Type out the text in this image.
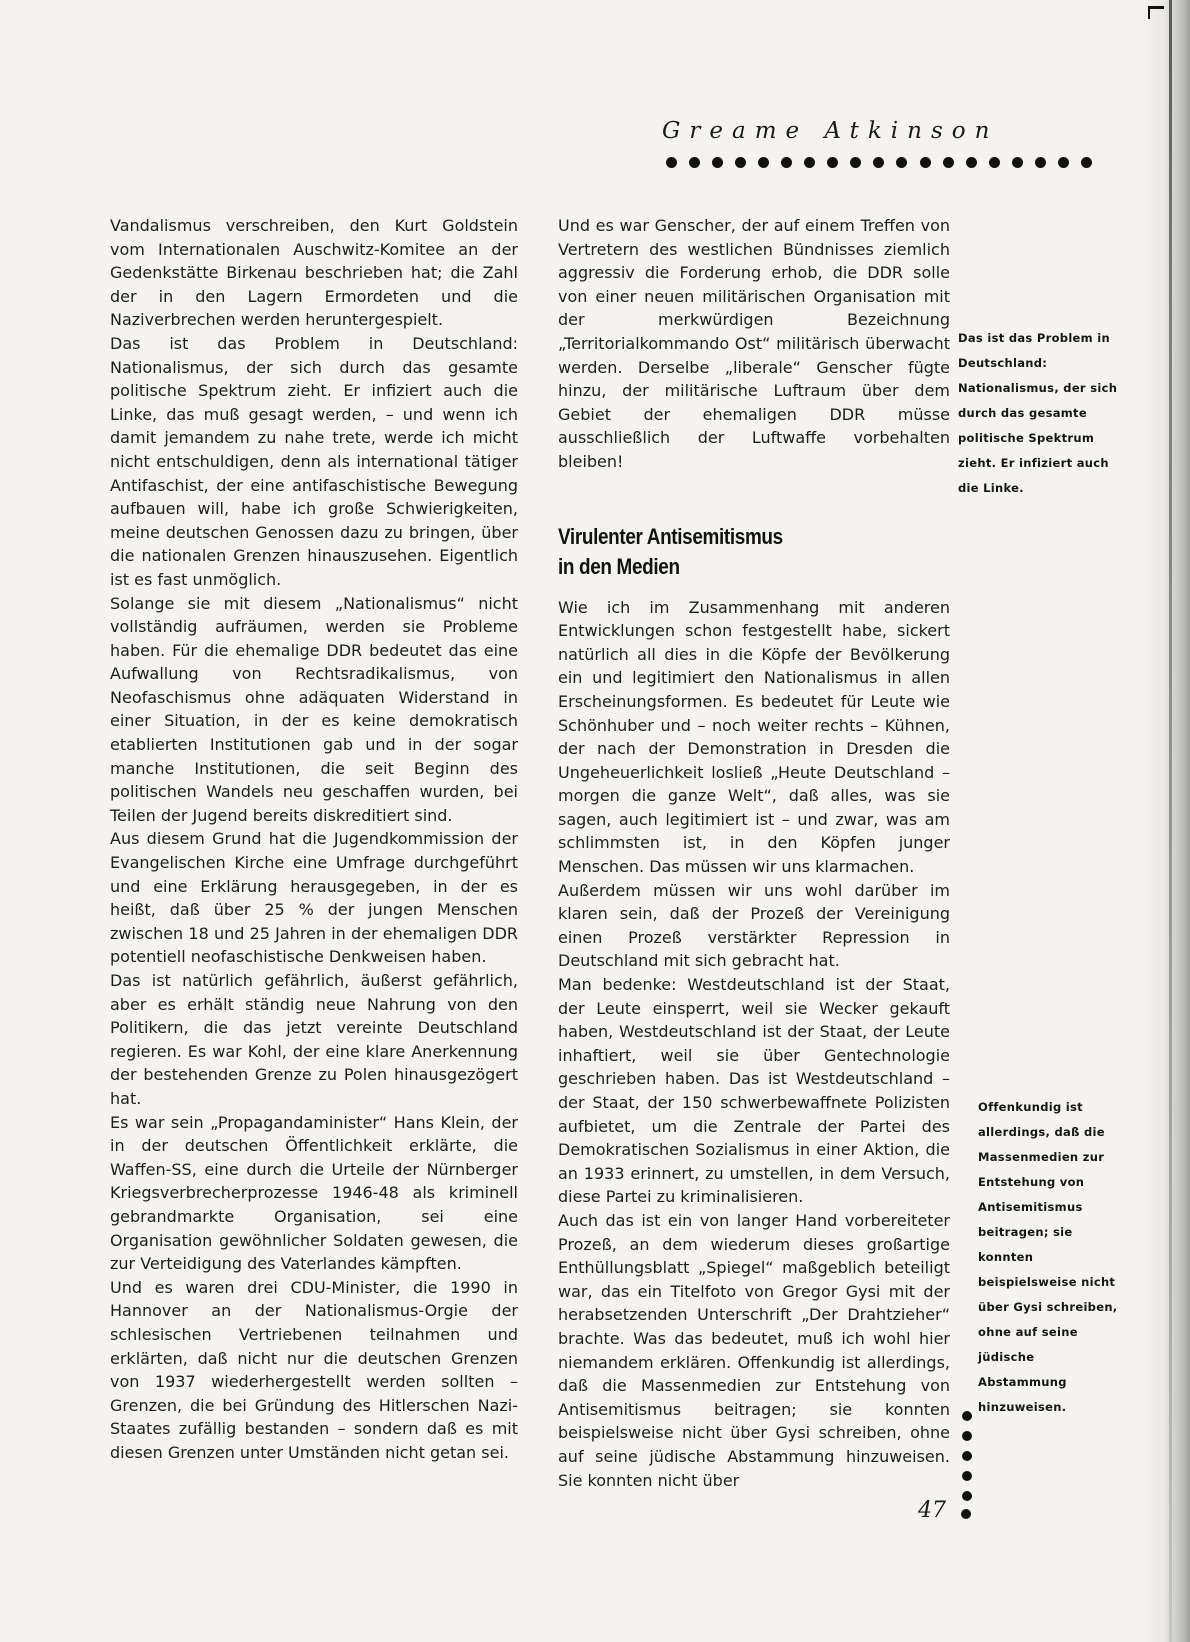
Greame Atkinson

Vandalismus verschreiben, den Kurt Goldstein vom Internationalen Auschwitz-Komitee an der Gedenkstätte Birkenau beschrieben hat; die Zahl der in den Lagern Ermordeten und die Naziverbrechen werden heruntergespielt.

Das ist das Problem in Deutschland: Nationalismus, der sich durch das gesamte politische Spektrum zieht. Er infiziert auch die Linke, das muß gesagt werden, – und wenn ich damit jemandem zu nahe trete, werde ich micht nicht entschuldigen, denn als international tätiger Antifaschist, der eine antifaschistische Bewegung aufbauen will, habe ich große Schwierigkeiten, meine deutschen Genossen dazu zu bringen, über die nationalen Grenzen hinauszusehen. Eigentlich ist es fast unmöglich.

Solange sie mit diesem „Nationalismus“ nicht vollständig aufräumen, werden sie Probleme haben. Für die ehemalige DDR bedeutet das eine Aufwallung von Rechtsradikalismus, von Neofaschismus ohne adäquaten Widerstand in einer Situation, in der es keine demokratisch etablierten Institutionen gab und in der sogar manche Institutionen, die seit Beginn des politischen Wandels neu geschaffen wurden, bei Teilen der Jugend bereits diskreditiert sind.

Aus diesem Grund hat die Jugendkommission der Evangelischen Kirche eine Umfrage durchgeführt und eine Erklärung herausgegeben, in der es heißt, daß über 25 % der jungen Menschen zwischen 18 und 25 Jahren in der ehemaligen DDR potentiell neofaschistische Denkweisen haben.

Das ist natürlich gefährlich, äußerst gefährlich, aber es erhält ständig neue Nahrung von den Politikern, die das jetzt vereinte Deutschland regieren. Es war Kohl, der eine klare Anerkennung der bestehenden Grenze zu Polen hinausgezögert hat.

Es war sein „Propagandaminister“ Hans Klein, der in der deutschen Öffentlichkeit erklärte, die Waffen-SS, eine durch die Urteile der Nürnberger Kriegsverbrecherprozesse 1946-48 als kriminell gebrandmarkte Organisation, sei eine Organisation gewöhnlicher Soldaten gewesen, die zur Verteidigung des Vaterlandes kämpften.

Und es waren drei CDU-Minister, die 1990 in Hannover an der Nationalismus-Orgie der schlesischen Vertriebenen teilnahmen und erklärten, daß nicht nur die deutschen Grenzen von 1937 wiederhergestellt werden sollten – Grenzen, die bei Gründung des Hitlerschen Nazi-Staates zufällig bestanden – sondern daß es mit diesen Grenzen unter Umständen nicht getan sei.

Und es war Genscher, der auf einem Treffen von Vertretern des westlichen Bündnisses ziemlich aggressiv die Forderung erhob, die DDR solle von einer neuen militärischen Organisation mit der merkwürdigen Bezeichnung „Territorialkommando Ost“ militärisch überwacht werden. Derselbe „liberale“ Genscher fügte hinzu, der militärische Luftraum über dem Gebiet der ehemaligen DDR müsse ausschließlich der Luftwaffe vorbehalten bleiben!

Virulenter Antisemitismus
in den Medien

Wie ich im Zusammenhang mit anderen Entwicklungen schon festgestellt habe, sickert natürlich all dies in die Köpfe der Bevölkerung ein und legitimiert den Nationalismus in allen Erscheinungsformen. Es bedeutet für Leute wie Schönhuber und – noch weiter rechts – Kühnen, der nach der Demonstration in Dresden die Ungeheuerlichkeit losließ „Heute Deutschland – morgen die ganze Welt“, daß alles, was sie sagen, auch legitimiert ist – und zwar, was am schlimmsten ist, in den Köpfen junger Menschen. Das müssen wir uns klarmachen.

Außerdem müssen wir uns wohl darüber im klaren sein, daß der Prozeß der Vereinigung einen Prozeß verstärkter Repression in Deutschland mit sich gebracht hat.

Man bedenke: Westdeutschland ist der Staat, der Leute einsperrt, weil sie Wecker gekauft haben, Westdeutschland ist der Staat, der Leute inhaftiert, weil sie über Gentechnologie geschrieben haben. Das ist Westdeutschland – der Staat, der 150 schwerbewaffnete Polizisten aufbietet, um die Zentrale der Partei des Demokratischen Sozialismus in einer Aktion, die an 1933 erinnert, zu umstellen, in dem Versuch, diese Partei zu kriminalisieren.

Auch das ist ein von langer Hand vorbereiteter Prozeß, an dem wiederum dieses großartige Enthüllungsblatt „Spiegel“ maßgeblich beteiligt war, das ein Titelfoto von Gregor Gysi mit der herabsetzenden Unterschrift „Der Drahtzieher“ brachte. Was das bedeutet, muß ich wohl hier niemandem erklären. Offenkundig ist allerdings, daß die Massenmedien zur Entstehung von Antisemitismus beitragen; sie konnten beispielsweise nicht über Gysi schreiben, ohne auf seine jüdische Abstammung hinzuweisen. Sie konnten nicht über

Das ist das Problem in Deutschland: Nationalismus, der sich durch das gesamte politische Spektrum zieht. Er infiziert auch die Linke.
Offenkundig ist allerdings, daß die Massenmedien zur Entstehung von Antisemitismus beitragen; sie konnten beispielsweise nicht über Gysi schreiben, ohne auf seine jüdische Abstammung hinzuweisen.
47
